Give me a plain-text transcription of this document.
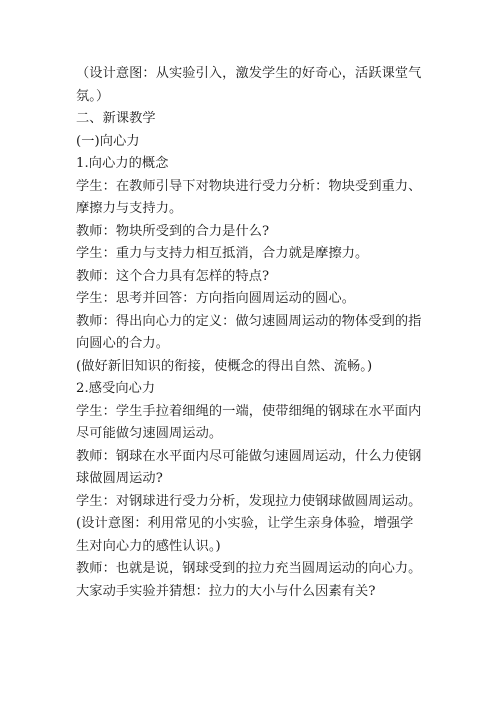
（设计意图：从实验引入，激发学生的好奇心，活跃课堂气
氛。）
二、新课教学
(一)向心力
1.向心力的概念
学生：在教师引导下对物块进行受力分析：物块受到重力、
摩擦力与支持力。
教师：物块所受到的合力是什么?
学生：重力与支持力相互抵消，合力就是摩擦力。
教师：这个合力具有怎样的特点?
学生：思考并回答：方向指向圆周运动的圆心。
教师：得出向心力的定义：做匀速圆周运动的物体受到的指
向圆心的合力。
(做好新旧知识的衔接，使概念的得出自然、流畅。)
2.感受向心力
学生：学生手拉着细绳的一端，使带细绳的钢球在水平面内
尽可能做匀速圆周运动。
教师：钢球在水平面内尽可能做匀速圆周运动，什么力使钢
球做圆周运动?
学生：对钢球进行受力分析，发现拉力使钢球做圆周运动。
(设计意图：利用常见的小实验，让学生亲身体验，增强学
生对向心力的感性认识。)
教师：也就是说，钢球受到的拉力充当圆周运动的向心力。
大家动手实验并猜想：拉力的大小与什么因素有关?
